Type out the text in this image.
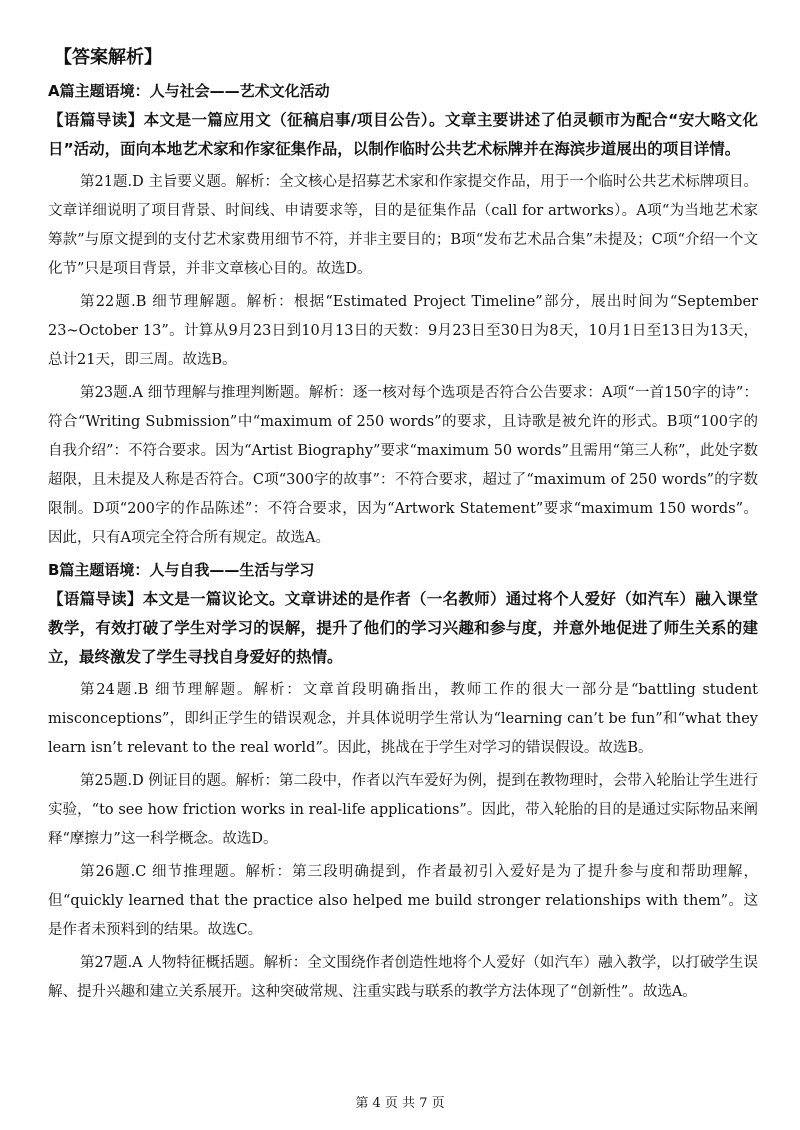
【答案解析】
A篇主题语境：人与社会——艺术文化活动
【语篇导读】本文是一篇应用文（征稿启事/项目公告）。文章主要讲述了伯灵顿市为配合“安大略文化日”活动，面向本地艺术家和作家征集作品，以制作临时公共艺术标牌并在海滨步道展出的项目详情。
第21题.D 主旨要义题。解析：全文核心是招募艺术家和作家提交作品，用于一个临时公共艺术标牌项目。文章详细说明了项目背景、时间线、申请要求等，目的是征集作品（call for artworks）。A项“为当地艺术家筹款”与原文提到的支付艺术家费用细节不符，并非主要目的；B项“发布艺术品合集”未提及；C项“介绍一个文化节”只是项目背景，并非文章核心目的。故选D。
第22题.B 细节理解题。解析：根据“Estimated Project Timeline”部分，展出时间为“September 23~October 13”。计算从9月23日到10月13日的天数：9月23日至30日为8天，10月1日至13日为13天，总计21天，即三周。故选B。
第23题.A 细节理解与推理判断题。解析：逐一核对每个选项是否符合公告要求：A项“一首150字的诗”：符合“Writing Submission”中“maximum of 250 words”的要求，且诗歌是被允许的形式。B项“100字的自我介绍”：不符合要求。因为“Artist Biography”要求“maximum 50 words”且需用“第三人称”，此处字数超限，且未提及人称是否符合。C项“300字的故事”：不符合要求，超过了“maximum of 250 words”的字数限制。D项“200字的作品陈述”：不符合要求，因为“Artwork Statement”要求“maximum 150 words”。因此，只有A项完全符合所有规定。故选A。
B篇主题语境：人与自我——生活与学习
【语篇导读】本文是一篇议论文。文章讲述的是作者（一名教师）通过将个人爱好（如汽车）融入课堂教学，有效打破了学生对学习的误解，提升了他们的学习兴趣和参与度，并意外地促进了师生关系的建立，最终激发了学生寻找自身爱好的热情。
第24题.B 细节理解题。解析：文章首段明确指出，教师工作的很大一部分是“battling student misconceptions”，即纠正学生的错误观念，并具体说明学生常认为“learning can’t be fun”和“what they learn isn’t relevant to the real world”。因此，挑战在于学生对学习的错误假设。故选B。
第25题.D 例证目的题。解析：第二段中，作者以汽车爱好为例，提到在教物理时，会带入轮胎让学生进行实验，“to see how friction works in real-life applications”。因此，带入轮胎的目的是通过实际物品来阐释“摩擦力”这一科学概念。故选D。
第26题.C 细节推理题。解析：第三段明确提到，作者最初引入爱好是为了提升参与度和帮助理解，但“quickly learned that the practice also helped me build stronger relationships with them”。这是作者未预料到的结果。故选C。
第27题.A 人物特征概括题。解析：全文围绕作者创造性地将个人爱好（如汽车）融入教学，以打破学生误解、提升兴趣和建立关系展开。这种突破常规、注重实践与联系的教学方法体现了“创新性”。故选A。
第 4 页 共 7 页
